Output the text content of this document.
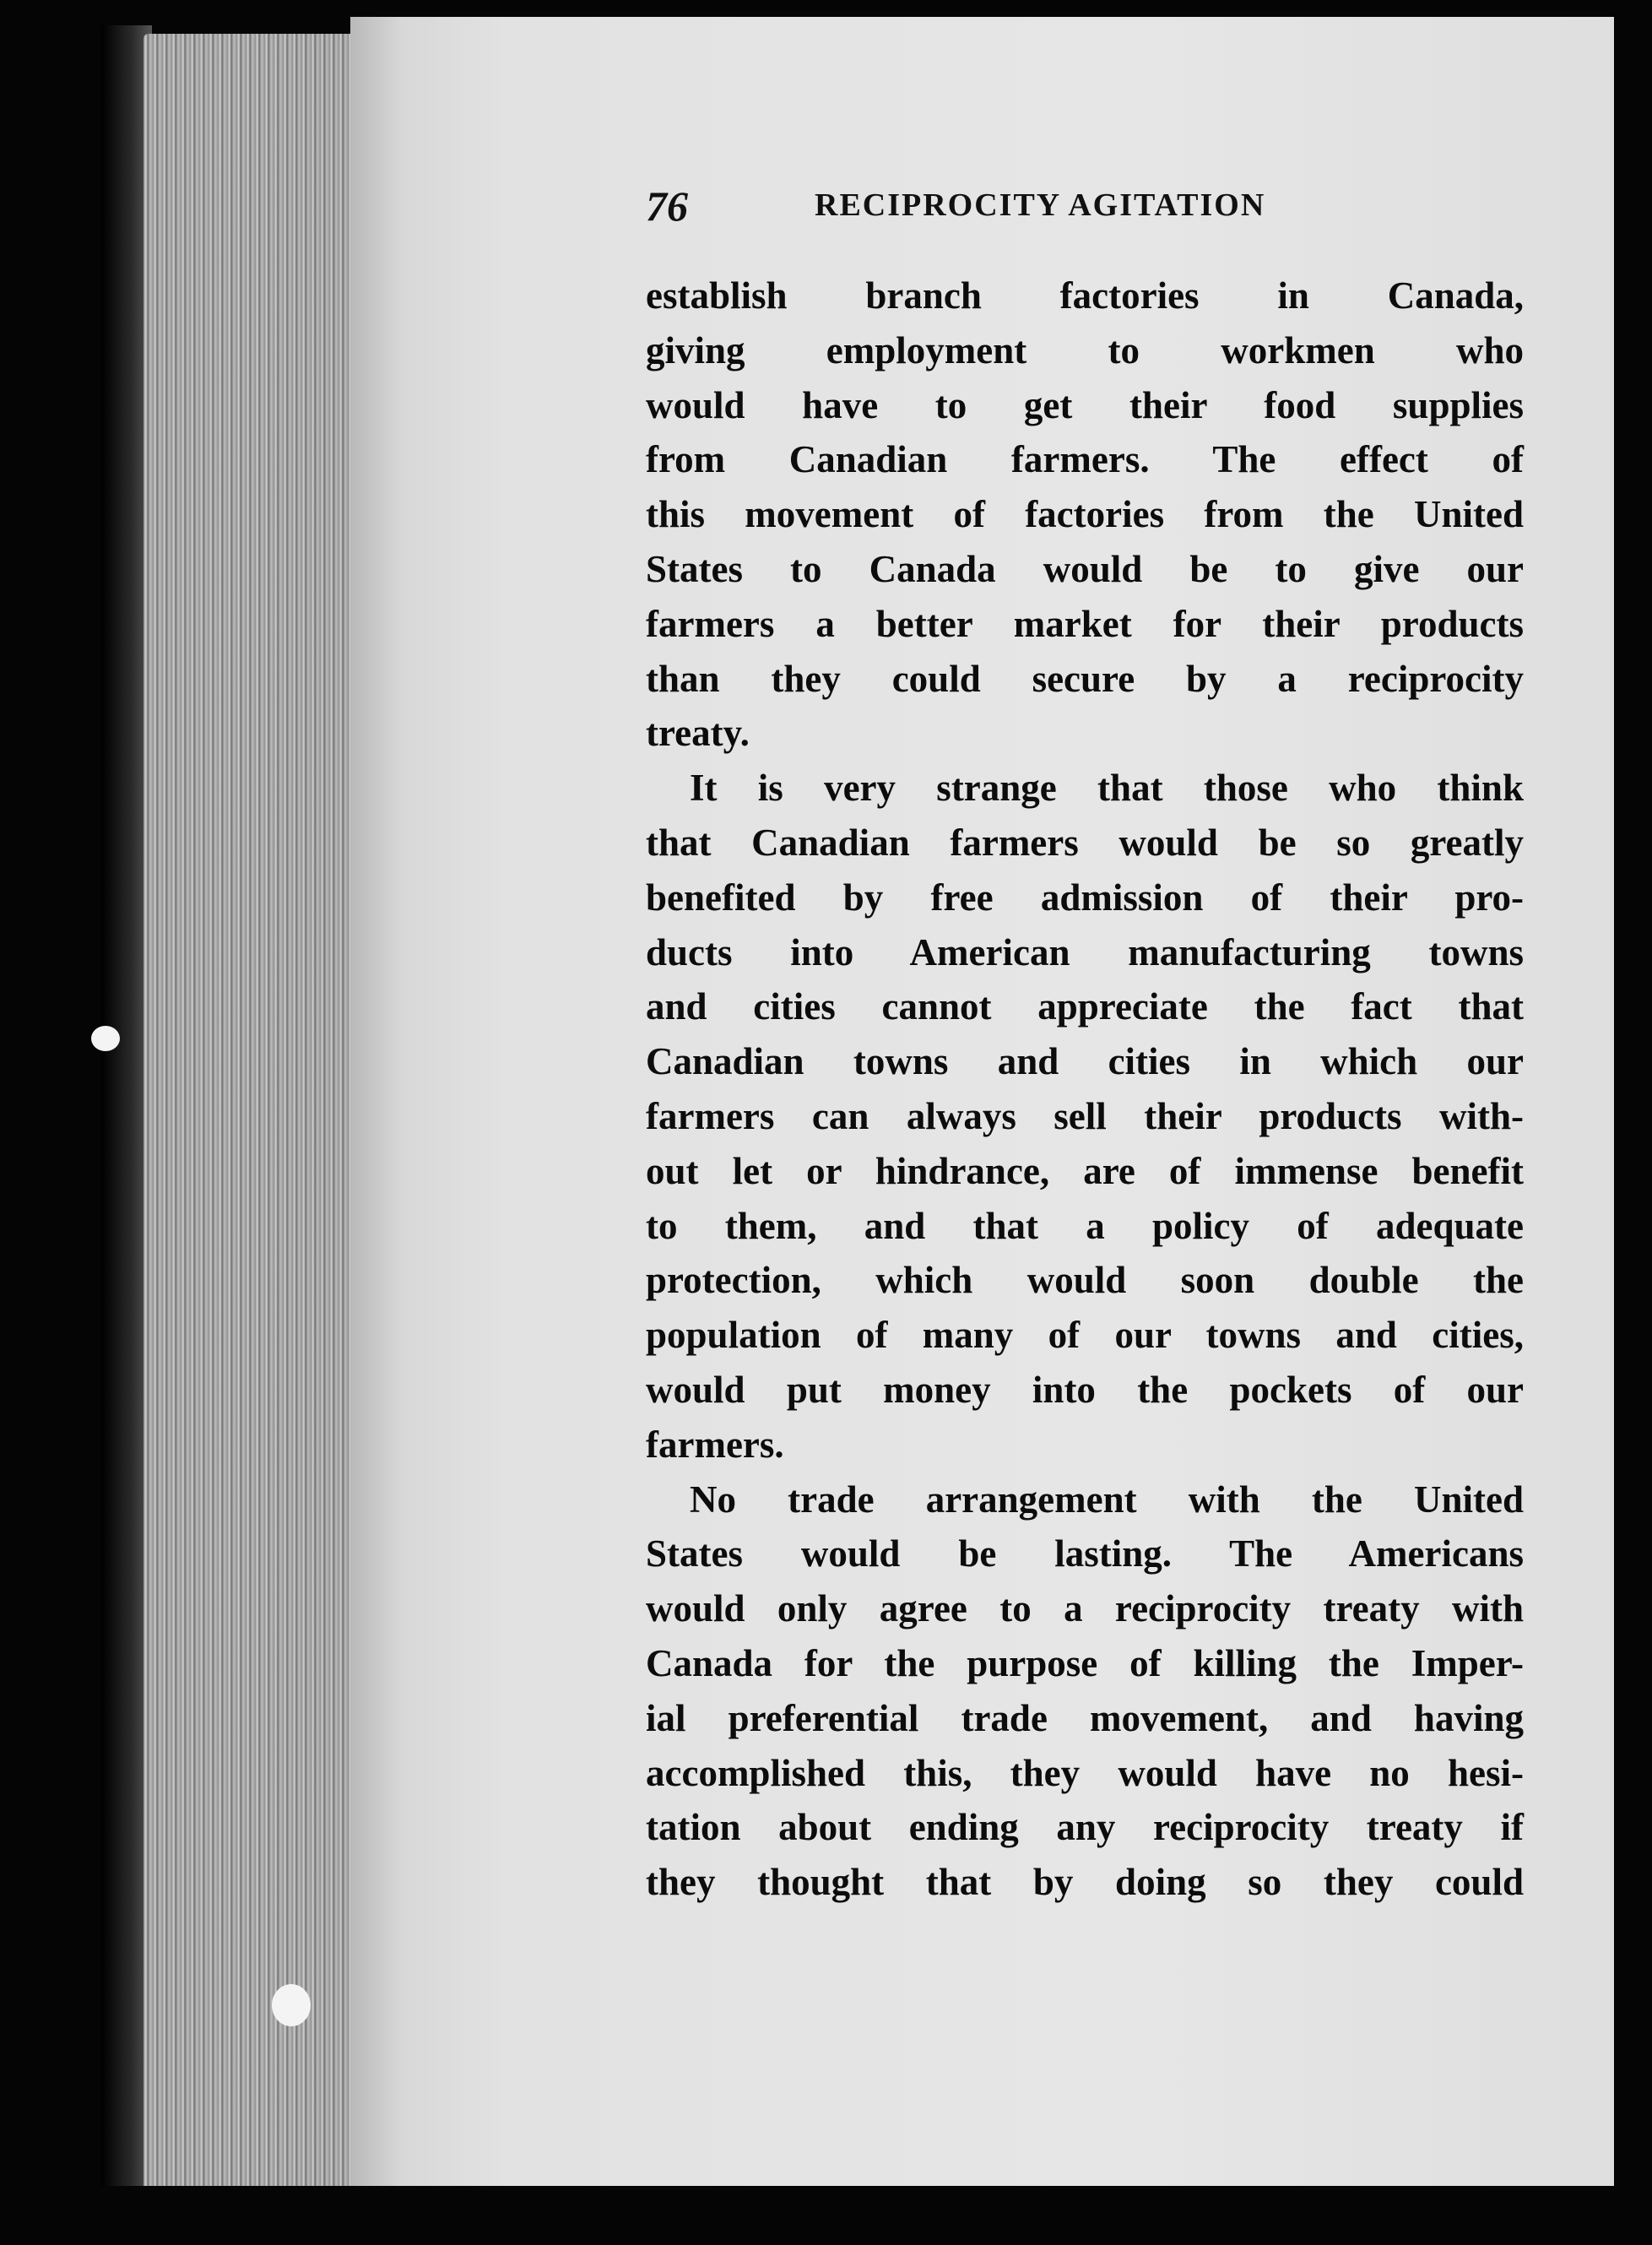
76	RECIPROCITY AGITATION
establish branch factories in Canada,
giving employment to workmen who
would have to get their food supplies
from Canadian farmers. The effect of
this movement of factories from the United
States to Canada would be to give our
farmers a better market for their products
than they could secure by a reciprocity
treaty.
It is very strange that those who think
that Canadian farmers would be so greatly
benefited by free admission of their pro-
ducts into American manufacturing towns
and cities cannot appreciate the fact that
Canadian towns and cities in which our
farmers can always sell their products with-
out let or hindrance, are of immense benefit
to them, and that a policy of adequate
protection, which would soon double the
population of many of our towns and cities,
would put money into the pockets of our
farmers.
No trade arrangement with the United
States would be lasting. The Americans
would only agree to a reciprocity treaty with
Canada for the purpose of killing the Imper-
ial preferential trade movement, and having
accomplished this, they would have no hesi-
tation about ending any reciprocity treaty if
they thought that by doing so they could
